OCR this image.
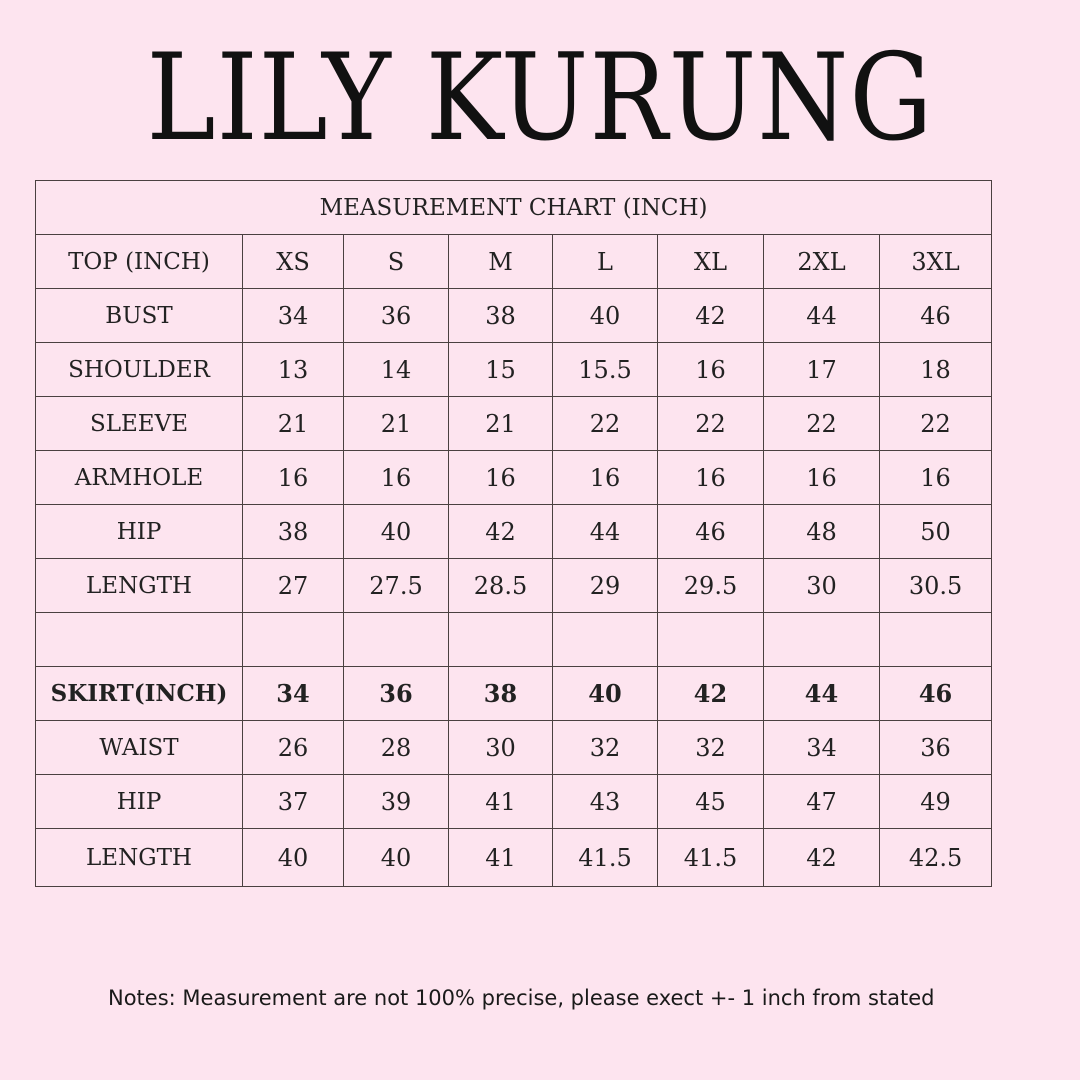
LILY KURUNG
MEASUREMENT CHART (INCH)							
TOP (INCH)	XS	S	M	L	XL	2XL	3XL
BUST	34	36	38	40	42	44	46
SHOULDER	13	14	15	15.5	16	17	18
SLEEVE	21	21	21	22	22	22	22
ARMHOLE	16	16	16	16	16	16	16
HIP	38	40	42	44	46	48	50
LENGTH	27	27.5	28.5	29	29.5	30	30.5

SKIRT(INCH)	34	36	38	40	42	44	46
WAIST	26	28	30	32	32	34	36
HIP	37	39	41	43	45	47	49
LENGTH	40	40	41	41.5	41.5	42	42.5
Notes: Measurement are not 100% precise, please exect +- 1 inch from stated
